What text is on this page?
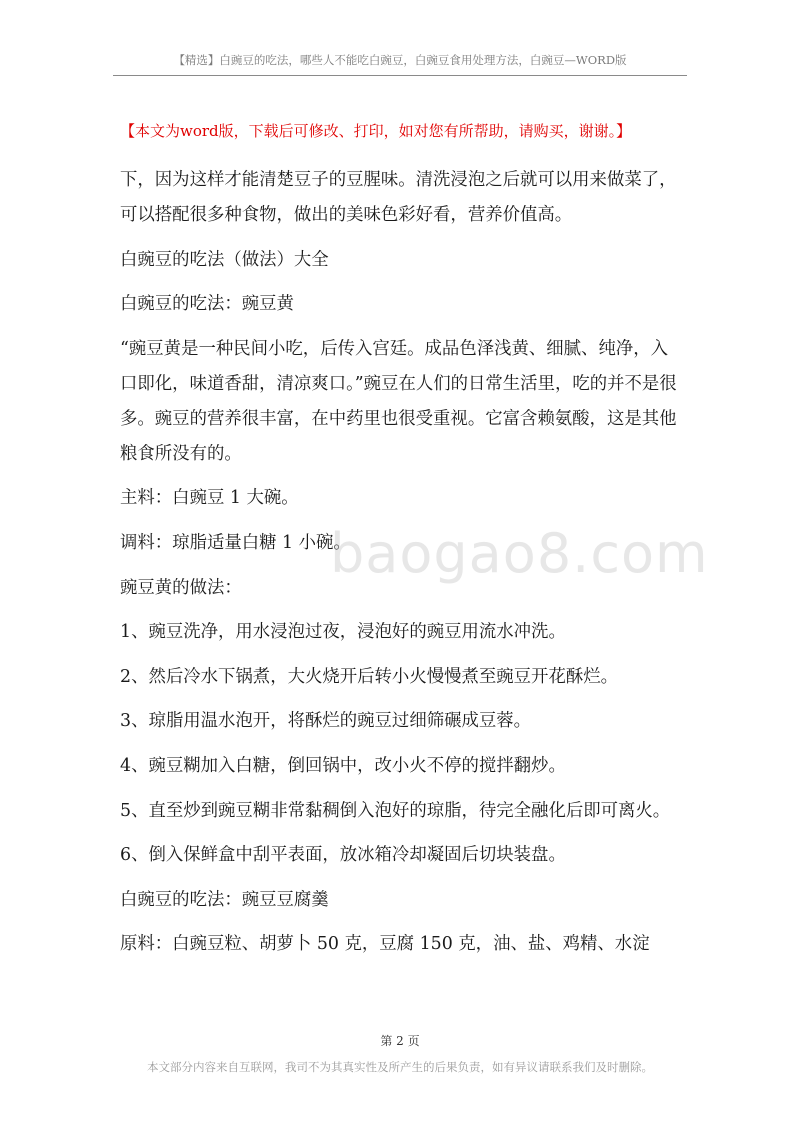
【精选】白豌豆的吃法，哪些人不能吃白豌豆，白豌豆食用处理方法，白豌豆—WORD版
【本文为word版，下载后可修改、打印，如对您有所帮助，请购买，谢谢。】

下，因为这样才能清楚豆子的豆腥味。清洗浸泡之后就可以用来做菜了，可以搭配很多种食物，做出的美味色彩好看，营养价值高。

白豌豆的吃法（做法）大全

白豌豆的吃法：豌豆黄

“豌豆黄是一种民间小吃，后传入宫廷。成品色泽浅黄、细腻、纯净，入口即化，味道香甜，清凉爽口。”豌豆在人们的日常生活里，吃的并不是很多。豌豆的营养很丰富，在中药里也很受重视。它富含赖氨酸，这是其他粮食所没有的。

主料：白豌豆 1 大碗。

调料：琼脂适量白糖 1 小碗。

豌豆黄的做法：

1、豌豆洗净，用水浸泡过夜，浸泡好的豌豆用流水冲洗。

2、然后冷水下锅煮，大火烧开后转小火慢慢煮至豌豆开花酥烂。

3、琼脂用温水泡开，将酥烂的豌豆过细筛碾成豆蓉。

4、豌豆糊加入白糖，倒回锅中，改小火不停的搅拌翻炒。

5、直至炒到豌豆糊非常黏稠倒入泡好的琼脂，待完全融化后即可离火。

6、倒入保鲜盒中刮平表面，放冰箱冷却凝固后切块装盘。

白豌豆的吃法：豌豆豆腐羹

原料：白豌豆粒、胡萝卜 50 克，豆腐 150 克，油、盐、鸡精、水淀

baogao8.com
第 2 页
本文部分内容来自互联网，我司不为其真实性及所产生的后果负责，如有异议请联系我们及时删除。
